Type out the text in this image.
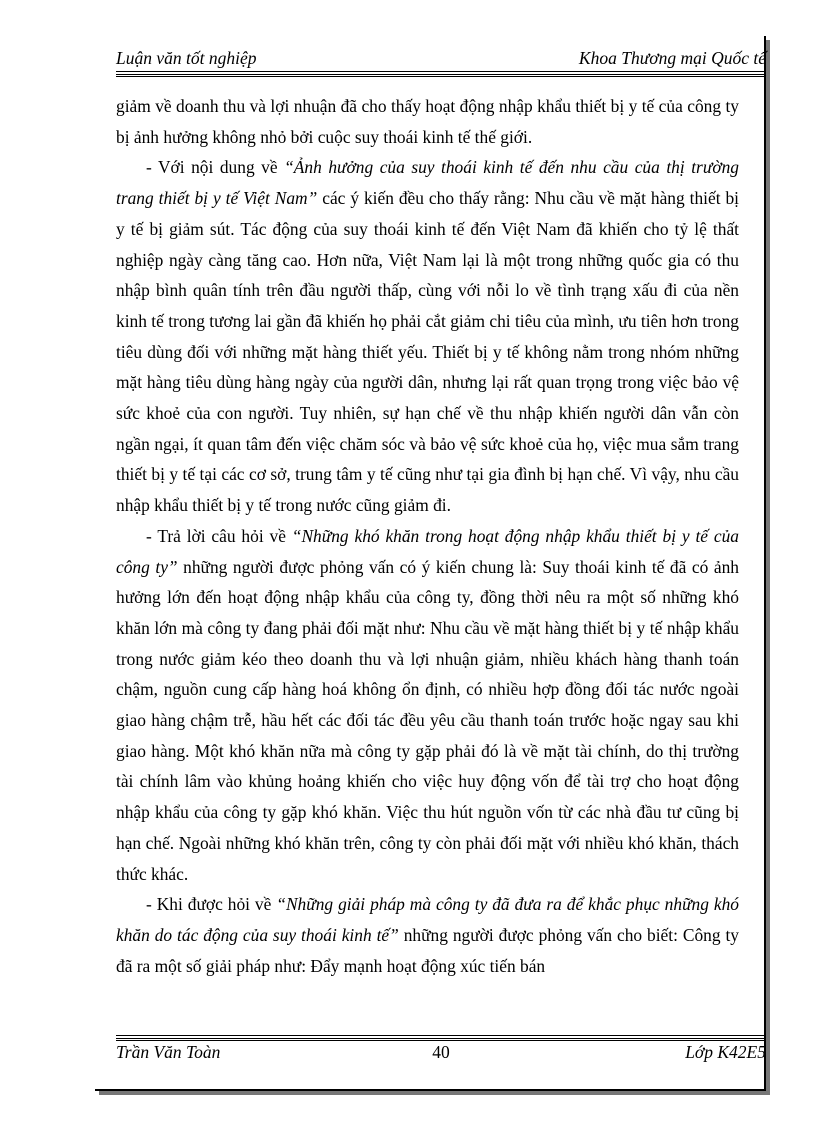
Luận văn tốt nghiệp	Khoa Thương mại Quốc tế

giảm về doanh thu và lợi nhuận đã cho thấy hoạt động nhập khẩu thiết bị y tế của công ty bị ảnh hưởng không nhỏ bởi cuộc suy thoái kinh tế thế giới.

- Với nội dung về “Ảnh hưởng của suy thoái kinh tế đến nhu cầu của thị trường trang thiết bị y tế Việt Nam” các ý kiến đều cho thấy rằng: Nhu cầu về mặt hàng thiết bị y tế bị giảm sút. Tác động của suy thoái kinh tế đến Việt Nam đã khiến cho tỷ lệ thất nghiệp ngày càng tăng cao. Hơn nữa, Việt Nam lại là một trong những quốc gia có thu nhập bình quân tính trên đầu người thấp, cùng với nỗi lo về tình trạng xấu đi của nền kinh tế trong tương lai gần đã khiến họ phải cắt giảm chi tiêu của mình, ưu tiên hơn trong tiêu dùng đối với những mặt hàng thiết yếu. Thiết bị y tế không nằm trong nhóm những mặt hàng tiêu dùng hàng ngày của người dân, nhưng lại rất quan trọng trong việc bảo vệ sức khoẻ của con người. Tuy nhiên, sự hạn chế về thu nhập khiến người dân vẫn còn ngần ngại, ít quan tâm đến việc chăm sóc và bảo vệ sức khoẻ của họ, việc mua sắm trang thiết bị y tế tại các cơ sở, trung tâm y tế cũng như tại gia đình bị hạn chế. Vì vậy, nhu cầu nhập khẩu thiết bị y tế trong nước cũng giảm đi.

- Trả lời câu hỏi về “Những khó khăn trong hoạt động nhập khẩu thiết bị y tế của công ty” những người được phỏng vấn có ý kiến chung là: Suy thoái kinh tế đã có ảnh hưởng lớn đến hoạt động nhập khẩu của công ty, đồng thời nêu ra một số những khó khăn lớn mà công ty đang phải đối mặt như: Nhu cầu về mặt hàng thiết bị y tế nhập khẩu trong nước giảm kéo theo doanh thu và lợi nhuận giảm, nhiều khách hàng thanh toán chậm, nguồn cung cấp hàng hoá không ổn định, có nhiều hợp đồng đối tác nước ngoài giao hàng chậm trễ, hầu hết các đối tác đều yêu cầu thanh toán trước hoặc ngay sau khi giao hàng. Một khó khăn nữa mà công ty gặp phải đó là về mặt tài chính, do thị trường tài chính lâm vào khủng hoảng khiến cho việc huy động vốn để tài trợ cho hoạt động nhập khẩu của công ty gặp khó khăn. Việc thu hút nguồn vốn từ các nhà đầu tư cũng bị hạn chế. Ngoài những khó khăn trên, công ty còn phải đối mặt với nhiều khó khăn, thách thức khác.

- Khi được hỏi về “Những giải pháp mà công ty đã đưa ra để khắc phục những khó khăn do tác động của suy thoái kinh tế” những người được phỏng vấn cho biết: Công ty đã ra một số giải pháp như: Đẩy mạnh hoạt động xúc tiến bán

Trần Văn Toàn	40	Lớp K42E5
